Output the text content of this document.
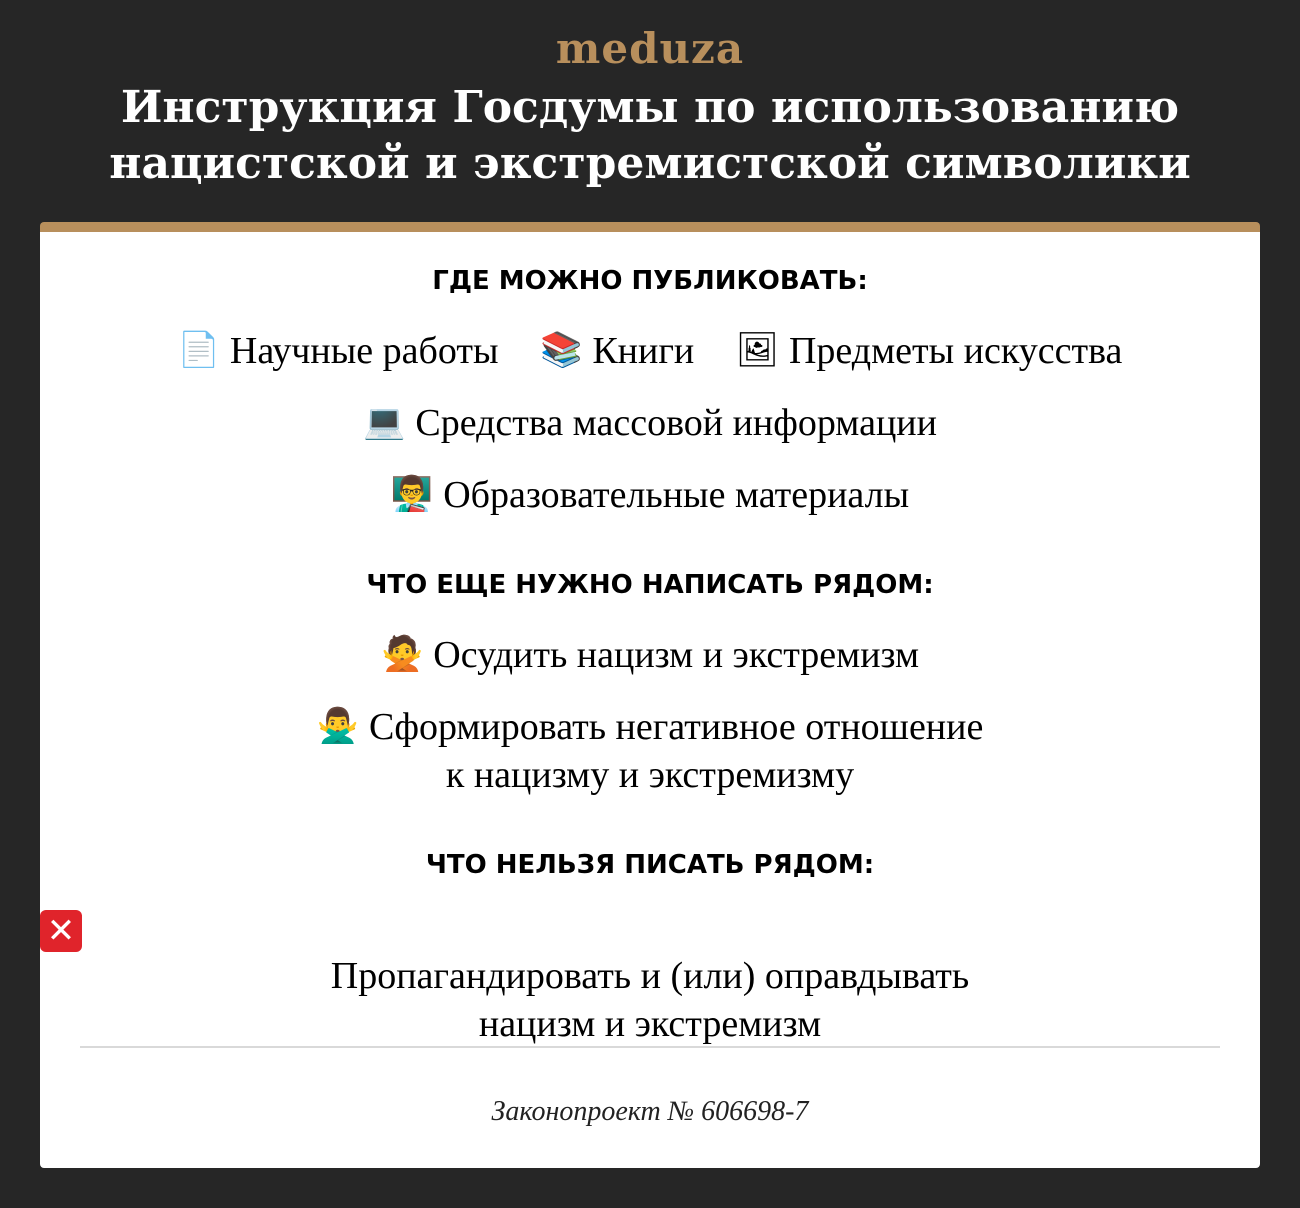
meduza
Инструкция Госдумы по использованию
нацистской и экстремистской символики
ГДЕ МОЖНО ПУБЛИКОВАТЬ:
📄 Научные работы 📚 Книги 🖼 Предметы искусства
💻 Средства массовой информации
👨‍🏫 Образовательные материалы
ЧТО ЕЩЕ НУЖНО НАПИСАТЬ РЯДОМ:
🙅 Осудить нацизм и экстремизм
🙅‍♂️ Сформировать негативное отношение
к нацизму и экстремизму
ЧТО НЕЛЬЗЯ ПИСАТЬ РЯДОМ:
✕
Пропагандировать и (или) оправдывать
нацизм и экстремизм
Законопроект № 606698-7
